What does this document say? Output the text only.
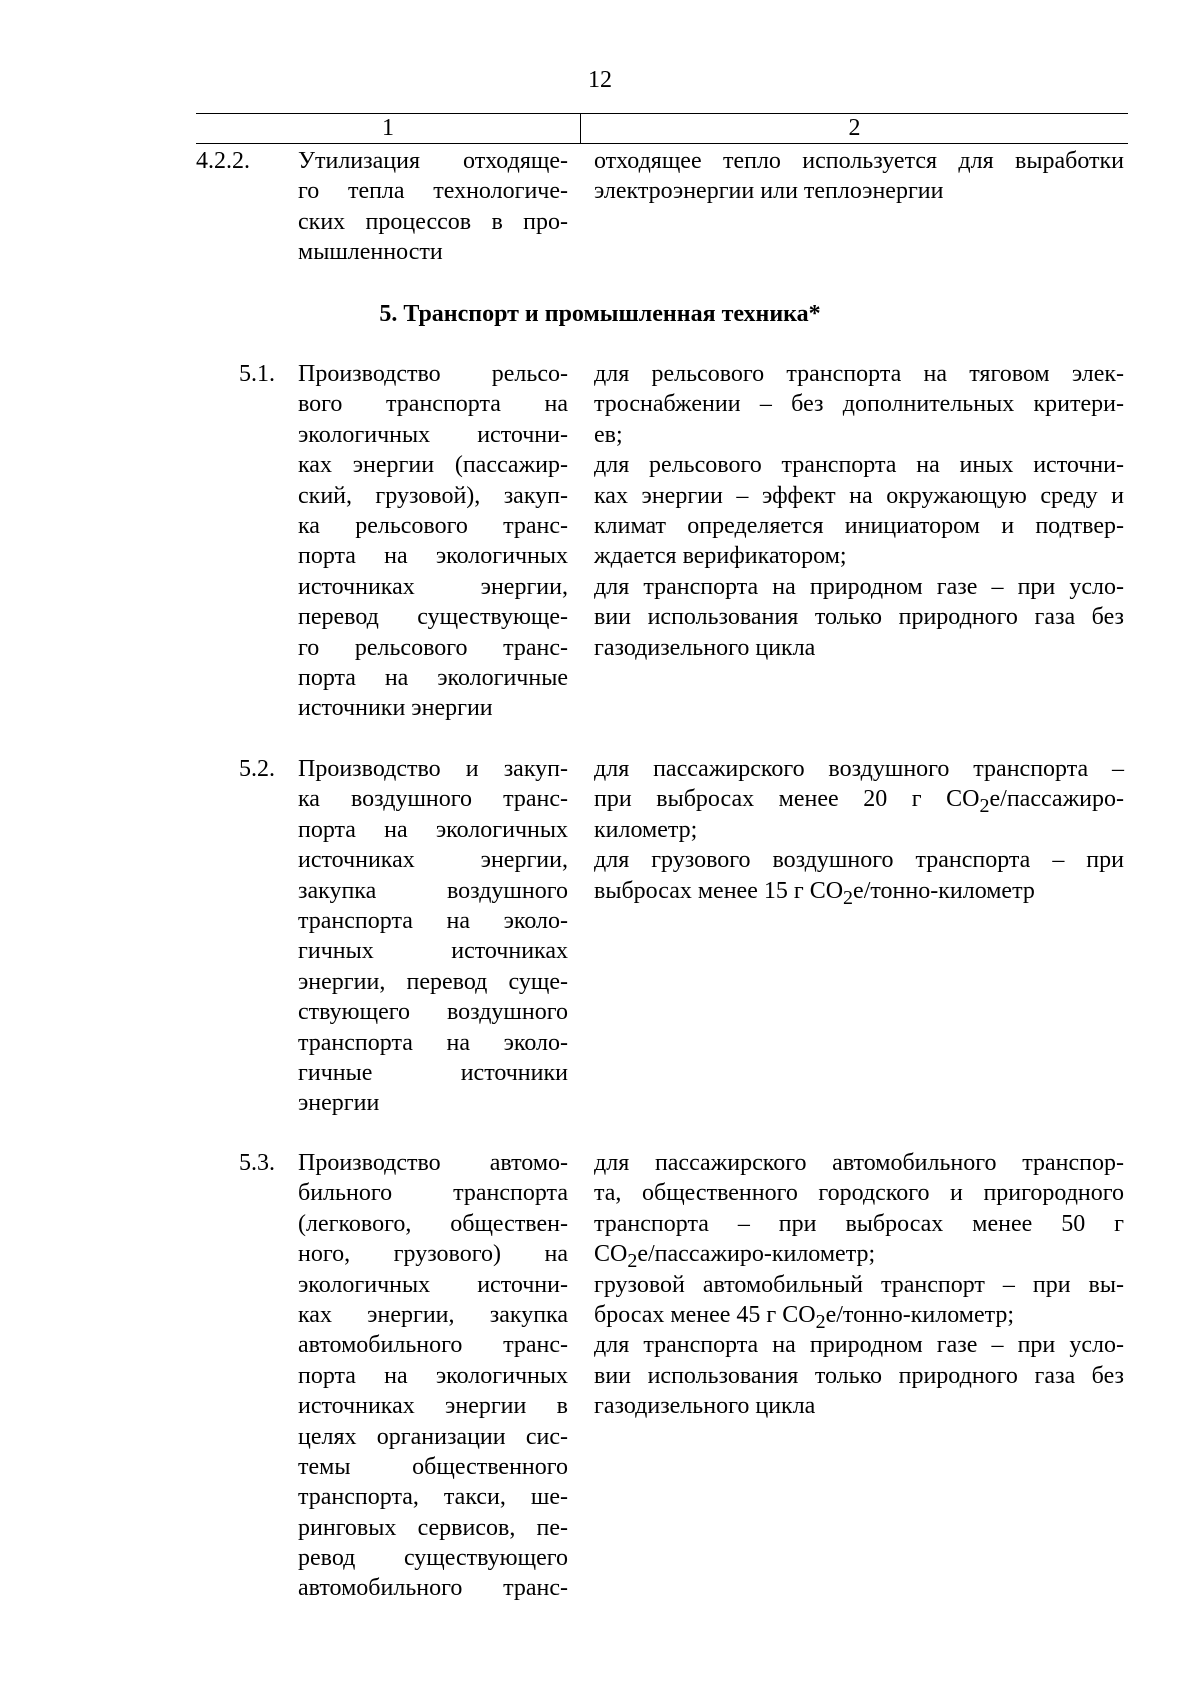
12
1	2
4.2.2.	Утилизация отходяще-
го тепла технологиче-
ских процессов в про-
мышленности
отходящее тепло используется для выработки
электроэнергии или теплоэнергии
5. Транспорт и промышленная техника*
5.1. Производство рельсо-
вого транспорта на
экологичных источни-
ках энергии (пассажир-
ский, грузовой), закуп-
ка рельсового транс-
порта на экологичных
источниках энергии,
перевод существующе-
го рельсового транс-
порта на экологичные
источники энергии
для рельсового транспорта на тяговом элек-
троснабжении – без дополнительных критери-
ев;
для рельсового транспорта на иных источни-
ках энергии – эффект на окружающую среду и
климат определяется инициатором и подтвер-
ждается верификатором;
для транспорта на природном газе – при усло-
вии использования только природного газа без
газодизельного цикла
5.2. Производство и закуп-
ка воздушного транс-
порта на экологичных
источниках энергии,
закупка воздушного
транспорта на эколо-
гичных источниках
энергии, перевод суще-
ствующего воздушного
транспорта на эколо-
гичные источники
энергии
для пассажирского воздушного транспорта –
при выбросах менее 20 г $CO_2e/пассажиро-$
километр;
для грузового воздушного транспорта – при
выбросах менее 15 г $CO_2e/тонно$-километр
5.3. Производство автомо-
бильного транспорта
(легкового, обществен-
ного, грузового) на
экологичных источни-
ках энергии, закупка
автомобильного транс-
порта на экологичных
источниках энергии в
целях организации сис-
темы общественного
транспорта, такси, ше-
ринговых сервисов, пе-
ревод существующего
автомобильного транс-
для пассажирского автомобильного транспор-
та, общественного городского и пригородного
транспорта – при выбросах менее 50 г
$CO_2e/пассажиро$-километр;
грузовой автомобильный транспорт – при вы-
бросах менее 45 г $CO_2e/тонно$-километр;
для транспорта на природном газе – при усло-
вии использования только природного газа без
газодизельного цикла
